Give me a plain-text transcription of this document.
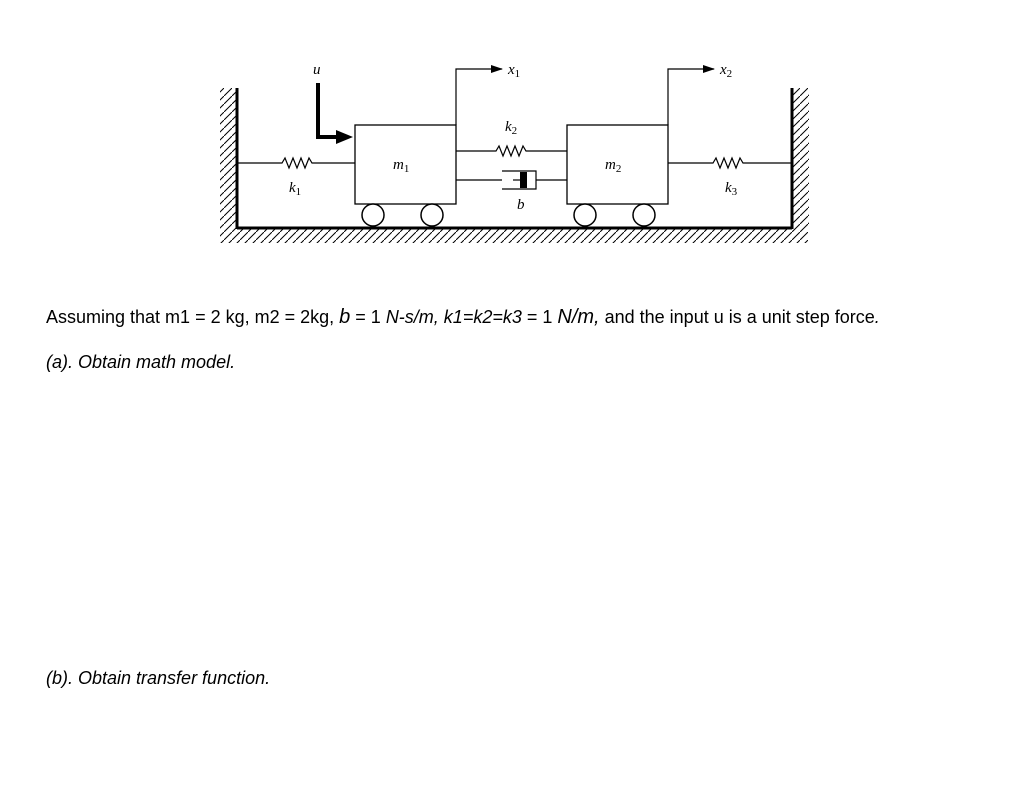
$m_1$	$m_2$
$k_1$
$k_2$
b
$k_3$
u	$x_1$	$x_2$

Assuming that m1 = 2 kg, m2 = 2kg, b = 1 N-s/m, k1=k2=k3 = 1 N/m, and the input u is a unit step force.

(a). Obtain math model.

(b). Obtain transfer function.
